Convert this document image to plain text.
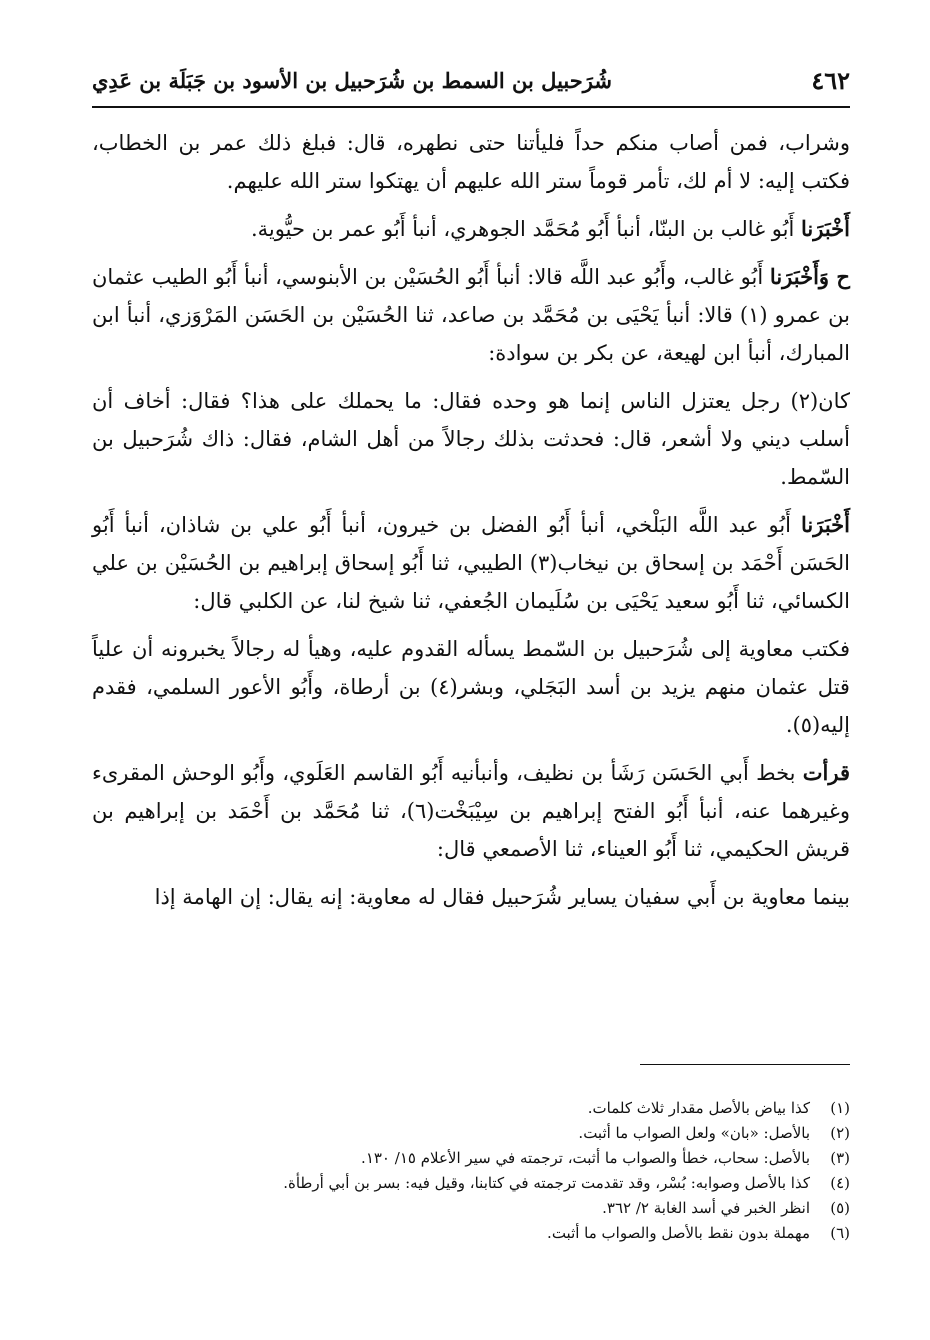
٤٦٢
شُرَحبيل بن السمط بن شُرَحبيل بن الأسود بن جَبَلَة بن عَدِي

وشراب، فمن أصاب منكم حداً فليأتنا حتى نطهره، قال: فبلغ ذلك عمر بن الخطاب، فكتب إليه: لا أم لك، تأمر قوماً ستر الله عليهم أن يهتكوا ستر الله عليهم.

أَخْبَرَنا أَبُو غالب بن البنّا، أنبأ أَبُو مُحَمَّد الجوهري، أنبأ أَبُو عمر بن حيُّوية.

ح وَأَخْبَرَنا أَبُو غالب، وأَبُو عبد اللَّه قالا: أنبأ أَبُو الحُسَيْن بن الأبنوسي، أنبأ أَبُو الطيب عثمان بن عمرو (١) قالا: أنبأ يَحْيَى بن مُحَمَّد بن صاعد، ثنا الحُسَيْن بن الحَسَن المَرْوَزي، أنبأ ابن المبارك، أنبأ ابن لهيعة، عن بكر بن سوادة:

كان(٢) رجل يعتزل الناس إنما هو وحده فقال: ما يحملك على هذا؟ فقال: أخاف أن أسلب ديني ولا أشعر، قال: فحدثت بذلك رجالاً من أهل الشام، فقال: ذاك شُرَحبيل بن السّمط.

أَخْبَرَنا أَبُو عبد اللَّه البَلْخي، أنبأ أَبُو الفضل بن خيرون، أنبأ أَبُو علي بن شاذان، أنبأ أَبُو الحَسَن أَحْمَد بن إسحاق بن نيخاب(٣) الطيبي، ثنا أَبُو إسحاق إبراهيم بن الحُسَيْن بن علي الكسائي، ثنا أَبُو سعيد يَحْيَى بن سُلَيمان الجُعفي، ثنا شيخ لنا، عن الكلبي قال:

فكتب معاوية إلى شُرَحبيل بن السّمط يسأله القدوم عليه، وهيأ له رجالاً يخبرونه أن علياً قتل عثمان منهم يزيد بن أسد البَجَلي، وبشر(٤) بن أرطاة، وأَبُو الأعور السلمي، فقدم إليه(٥).

قرأت بخط أَبي الحَسَن رَشَأ بن نظيف، وأنبأنيه أَبُو القاسم العَلَوي، وأَبُو الوحش المقرىء وغيرهما عنه، أنبأ أَبُو الفتح إبراهيم بن سِيْبَخْت(٦)، ثنا مُحَمَّد بن أَحْمَد بن إبراهيم بن قريش الحكيمي، ثنا أَبُو العيناء، ثنا الأصمعي قال:

بينما معاوية بن أَبي سفيان يساير شُرَحبيل فقال له معاوية: إنه يقال: إن الهامة إذا

(١)كذا بياض بالأصل مقدار ثلاث كلمات.
(٢)بالأصل: «بان» ولعل الصواب ما أثبت.
(٣)بالأصل: سحاب، خطأ والصواب ما أثبت، ترجمته في سير الأعلام ١٥/ ١٣٠.
(٤)كذا بالأصل وصوابه: بُسْر، وقد تقدمت ترجمته في كتابنا، وقيل فيه: بسر بن أبي أرطأة.
(٥)انظر الخبر في أسد الغابة ٢/ ٣٦٢.
(٦)مهملة بدون نقط بالأصل والصواب ما أثبت.
